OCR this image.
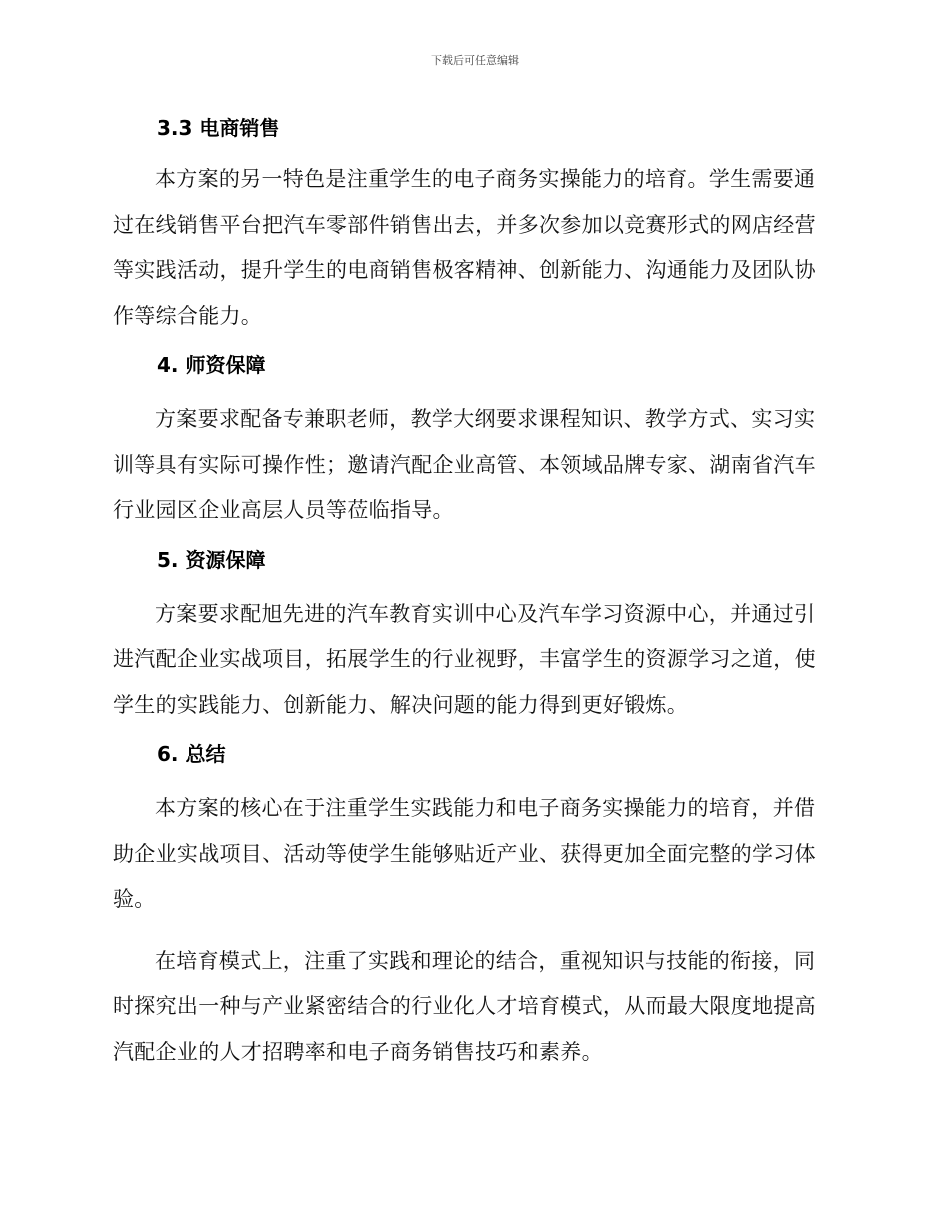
下载后可任意编辑
3.3 电商销售

本方案的另一特色是注重学生的电子商务实操能力的培育。学生需要通过在线销售平台把汽车零部件销售出去，并多次参加以竞赛形式的网店经营等实践活动，提升学生的电商销售极客精神、创新能力、沟通能力及团队协作等综合能力。

4. 师资保障

方案要求配备专兼职老师，教学大纲要求课程知识、教学方式、实习实训等具有实际可操作性；邀请汽配企业高管、本领域品牌专家、湖南省汽车行业园区企业高层人员等莅临指导。

5. 资源保障

方案要求配旭先进的汽车教育实训中心及汽车学习资源中心，并通过引进汽配企业实战项目，拓展学生的行业视野，丰富学生的资源学习之道，使学生的实践能力、创新能力、解决问题的能力得到更好锻炼。

6. 总结

本方案的核心在于注重学生实践能力和电子商务实操能力的培育，并借助企业实战项目、活动等使学生能够贴近产业、获得更加全面完整的学习体验。

在培育模式上，注重了实践和理论的结合，重视知识与技能的衔接，同时探究出一种与产业紧密结合的行业化人才培育模式，从而最大限度地提高汽配企业的人才招聘率和电子商务销售技巧和素养。
